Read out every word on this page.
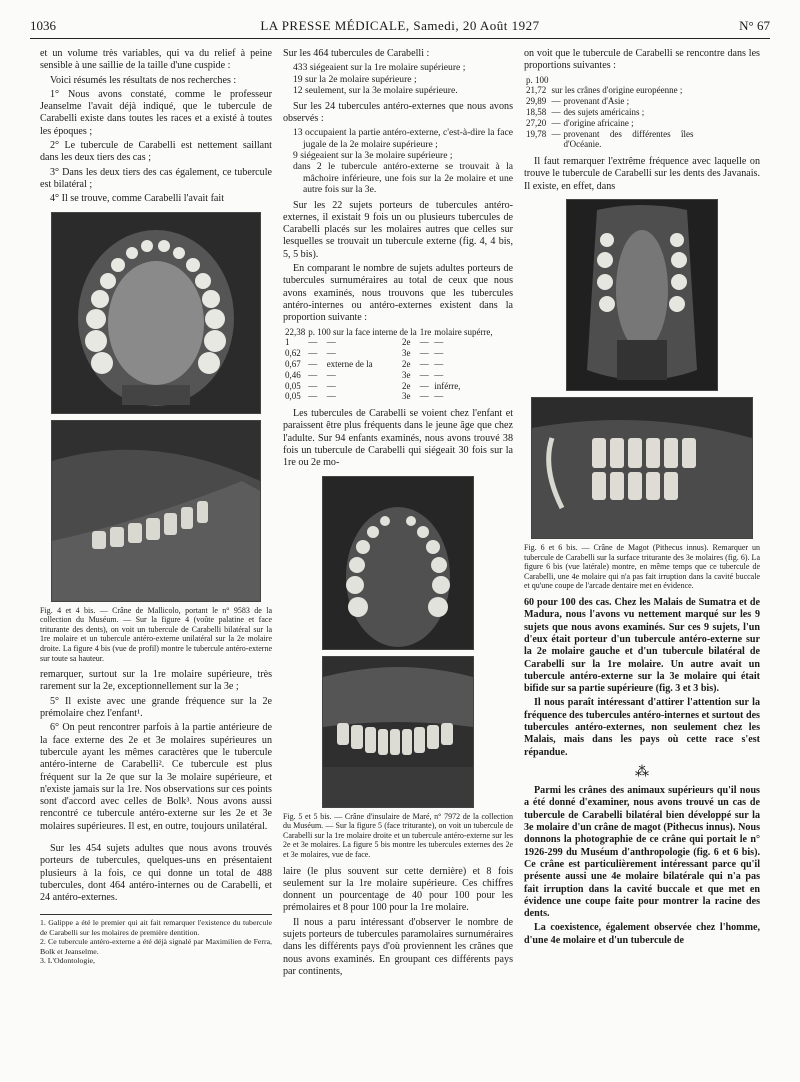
1036	LA PRESSE MÉDICALE, Samedi, 20 Août 1927	N° 67

et un volume très variables, qui va du relief à peine sensible à une saillie de la taille d'une cuspide :

Voici résumés les résultats de nos recherches :

1° Nous avons constaté, comme le professeur Jeanselme l'avait déjà indiqué, que le tubercule de Carabelli existe dans toutes les races et a existé à toutes les époques ;

2° Le tubercule de Carabelli est nettement saillant dans les deux tiers des cas ;

3° Dans les deux tiers des cas également, ce tubercule est bilatéral ;

4° Il se trouve, comme Carabelli l'avait fait

Fig. 4 et 4 bis. — Crâne de Mallicolo, portant le n° 9583 de la collection du Muséum. — Sur la figure 4 (voûte palatine et face triturante des dents), on voit un tubercule de Carabelli bilatéral sur la 1re molaire et un tubercule antéro-externe unilatéral sur la 2e molaire droite. La figure 4 bis (vue de profil) montre le tubercule antéro-externe sur toute sa hauteur.

remarquer, surtout sur la 1re molaire supérieure, très rarement sur la 2e, exceptionnellement sur la 3e ;

5° Il existe avec une grande fréquence sur la 2e prémolaire chez l'enfant¹.

6° On peut rencontrer parfois à la partie antérieure de la face externe des 2e et 3e molaires supérieures un tubercule ayant les mêmes caractères que le tubercule antéro-interne de Carabelli². Ce tubercule est plus fréquent sur la 2e que sur la 3e molaire supérieure, et n'existe jamais sur la 1re. Nos observations sur ces points sont d'accord avec celles de Bolk³. Nous avons aussi rencontré ce tubercule antéro-externe sur les 2e et 3e molaires supérieures. Il est, en outre, toujours unilatéral.

Sur les 454 sujets adultes que nous avons trouvés porteurs de tubercules, quelques-uns en présentaient plusieurs à la fois, ce qui donne un total de 488 tubercules, dont 464 antéro-internes ou de Carabelli, et 24 antéro-externes.

1. Galippe a été le premier qui ait fait remarquer l'existence du tubercule de Carabelli sur les molaires de première dentition.
2. Ce tubercule antéro-externe a été déjà signalé par Maximilien de Ferra, Bolk et Jeanselme.
3. L'Odontologie,

Sur les 464 tubercules de Carabelli :

433 siégeaient sur la 1re molaire supérieure ;
19 sur la 2e molaire supérieure ;
12 seulement, sur la 3e molaire supérieure.

Sur les 24 tubercules antéro-externes que nous avons observés :

13 occupaient la partie antéro-externe, c'est-à-dire la face jugale de la 2e molaire supérieure ;
9 siégeaient sur la 3e molaire supérieure ;
dans 2 le tubercule antéro-externe se trouvait à la mâchoire inférieure, une fois sur la 2e molaire et une autre fois sur la 3e.

Sur les 22 sujets porteurs de tubercules antéro-externes, il existait 9 fois un ou plusieurs tubercules de Carabelli placés sur les molaires autres que celles sur lesquelles se trouvait un tubercule externe (fig. 4, 4 bis, 5, 5 bis).

En comparant le nombre de sujets adultes porteurs de tubercules surnuméraires au total de ceux que nous avons examinés, nous trouvons que les tubercules antéro-internes ou antéro-externes existent dans la proportion suivante :

22,38	p. 100 sur la face interne de la			1re	molaire supérre,
1	—	—	2e	—	—
0,62	—	—	3e	—	—
0,67	—	externe de la	2e	—	—
0,46	—	—	3e	—	—
0,05	—	—	2e	—	inférre,
0,05	—	—	3e	—	—

Les tubercules de Carabelli se voient chez l'enfant et paraissent être plus fréquents dans le jeune âge que chez l'adulte. Sur 94 enfants examinés, nous avons trouvé 38 fois un tubercule de Carabelli qui siégeait 30 fois sur la 1re ou 2e mo-

Fig. 5 et 5 bis. — Crâne d'insulaire de Maré, n° 7972 de la collection du Muséum. — Sur la figure 5 (face triturante), on voit un tubercule de Carabelli sur la 1re molaire droite et un tubercule antéro-externe sur les 2e et 3e molaires. La figure 5 bis montre les tubercules externes des 2e et 3e molaires, vue de face.

laire (le plus souvent sur cette dernière) et 8 fois seulement sur la 1re molaire supérieure. Ces chiffres donnent un pourcentage de 40 pour 100 pour les prémolaires et 8 pour 100 pour la 1re molaire.

Il nous a paru intéressant d'observer le nombre de sujets porteurs de tubercules paramolaires surnuméraires dans les différents pays d'où proviennent les crânes que nous avons examinés. En groupant ces différents pays par continents,

on voit que le tubercule de Carabelli se rencontre dans les proportions suivantes :

p. 100		
21,72	sur les crânes d'origine européenne ;	
29,89	—	provenant d'Asie ;
18,58	—	des sujets américains ;
27,20	—	d'origine africaine ;
19,78	—	provenant des différentes îles d'Océanie.

Il faut remarquer l'extrême fréquence avec laquelle on trouve le tubercule de Carabelli sur les dents des Javanais. Il existe, en effet, dans

Fig. 6 et 6 bis. — Crâne de Magot (Pithecus innus). Remarquer un tubercule de Carabelli sur la surface triturante des 3e molaires (fig. 6). La figure 6 bis (vue latérale) montre, en même temps que ce tubercule de Carabelli, une 4e molaire qui n'a pas fait irruption dans la cavité buccale et qu'une coupe de l'arcade dentaire met en évidence.

60 pour 100 des cas. Chez les Malais de Sumatra et de Madura, nous l'avons vu nettement marqué sur les 9 sujets que nous avons examinés. Sur ces 9 sujets, l'un d'eux était porteur d'un tubercule antéro-externe sur la 2e molaire gauche et d'un tubercule bilatéral de Carabelli sur la 1re molaire. Un autre avait un tubercule antéro-externe sur la 3e molaire qui était bifide sur sa partie supérieure (fig. 3 et 3 bis).

Il nous paraît intéressant d'attirer l'attention sur la fréquence des tubercules antéro-internes et surtout des tubercules antéro-externes, non seulement chez les Malais, mais dans les pays où cette race s'est répandue.

⁂

Parmi les crânes des animaux supérieurs qu'il nous a été donné d'examiner, nous avons trouvé un cas de tubercule de Carabelli bilatéral bien développé sur la 3e molaire d'un crâne de magot (Pithecus innus). Nous donnons la photographie de ce crâne qui portait le n° 1926-299 du Muséum d'anthropologie (fig. 6 et 6 bis). Ce crâne est particulièrement intéressant parce qu'il présente aussi une 4e molaire bilatérale qui n'a pas fait irruption dans la cavité buccale et que met en évidence une coupe faite pour montrer la racine des dents.

La coexistence, également observée chez l'homme, d'une 4e molaire et d'un tubercule de
